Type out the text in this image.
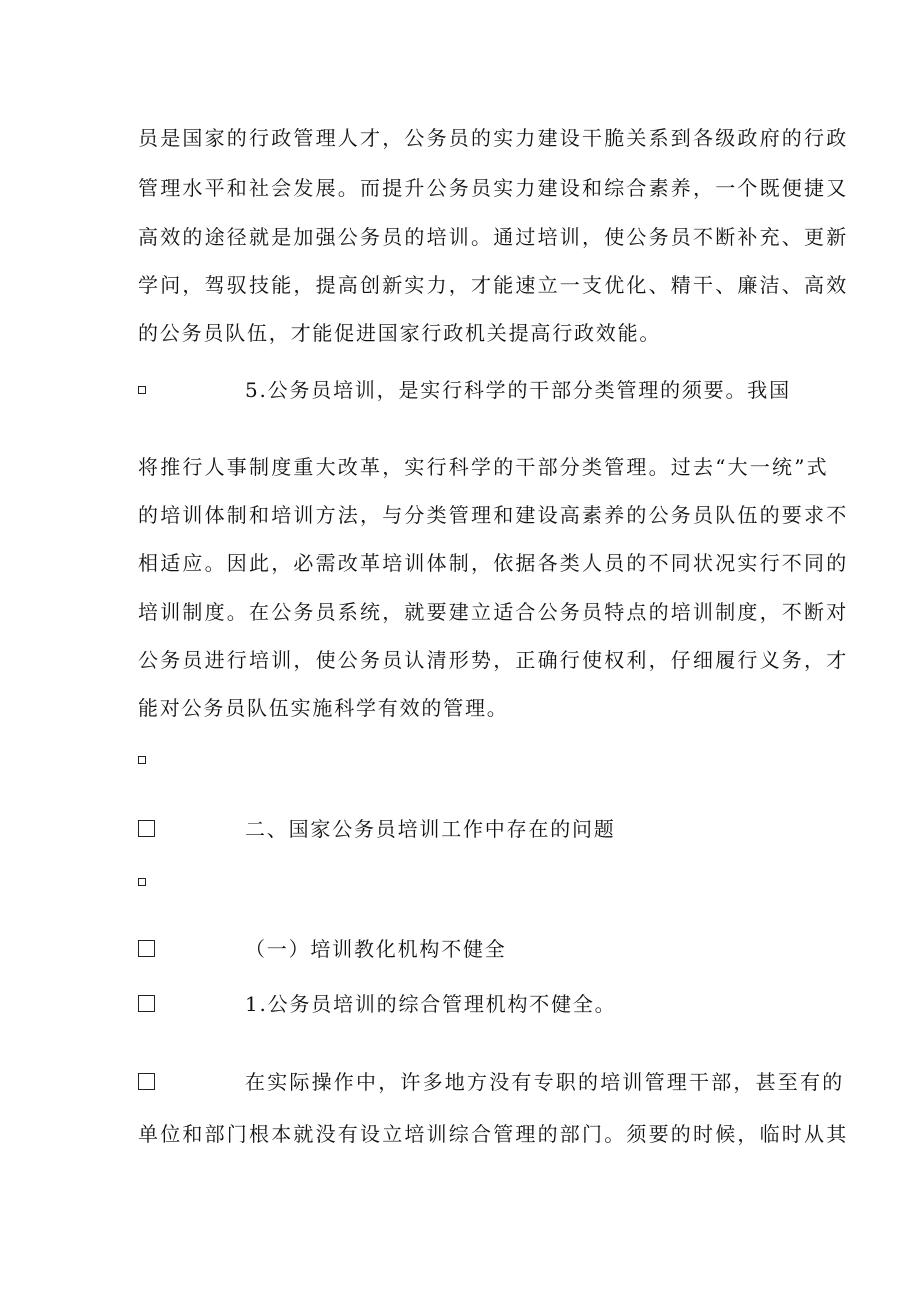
员是国家的行政管理人才，公务员的实力建设干脆关系到各级政府的行政
管理水平和社会发展。而提升公务员实力建设和综合素养，一个既便捷又
高效的途径就是加强公务员的培训。通过培训，使公务员不断补充、更新
学问，驾驭技能，提高创新实力，才能速立一支优化、精干、廉洁、高效
的公务员队伍，才能促进国家行政机关提高行政效能。
5.公务员培训，是实行科学的干部分类管理的须要。我国
将推行人事制度重大改革，实行科学的干部分类管理。过去“大一统”式
的培训体制和培训方法，与分类管理和建设高素养的公务员队伍的要求不
相适应。因此，必需改革培训体制，依据各类人员的不同状况实行不同的
培训制度。在公务员系统，就要建立适合公务员特点的培训制度，不断对
公务员进行培训，使公务员认清形势，正确行使权利，仔细履行义务，才
能对公务员队伍实施科学有效的管理。
二、国家公务员培训工作中存在的问题
（一）培训教化机构不健全
1.公务员培训的综合管理机构不健全。
在实际操作中，许多地方没有专职的培训管理干部，甚至有的
单位和部门根本就没有设立培训综合管理的部门。须要的时候，临时从其
